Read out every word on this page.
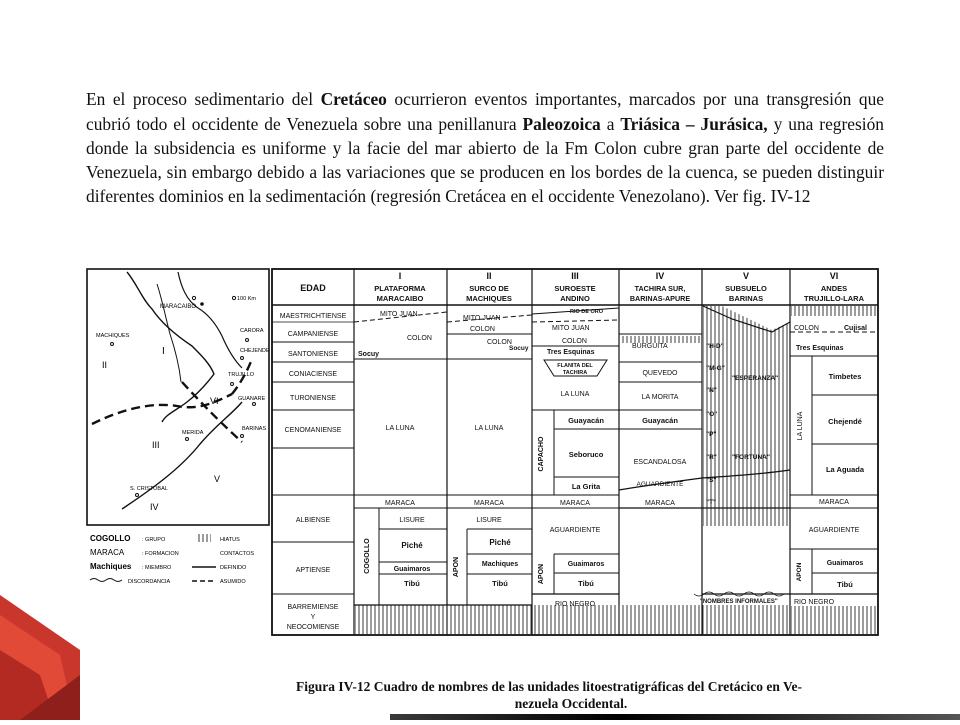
En el proceso sedimentario del Cretáceo ocurrieron eventos importantes, marcados por una transgresión que cubrió todo el occidente de Venezuela sobre una penillanura Paleozoica a Triásica – Jurásica, y una regresión donde la subsidencia es uniforme y la facie del mar abierto de la Fm Colon cubre gran parte del occidente de Venezuela, sin embargo debido a las variaciones que se producen en los bordes de la cuenca, se pueden distinguir diferentes dominios en la sedimentación (regresión Cretácea en el occidente Venezolano). Ver fig. IV-12

MARACAIBO
100 Km
MACHIQUES
CARORA
CHEJENDE
TRUJILLO
GUANARE
MERIDA
BARINAS
S. CRISTOBAL
I
II
III
IV
V
VI
COGOLLO : GRUPO
MARACA	: FORMACION
Machiques : MIEMBRO
DISCORDANCIA
HIATUS
CONTACTOS
DEFINIDO
ASUMIDO
EDAD
I
PLATAFORMA
MARACAIBO
II
SURCO DE
MACHIQUES
III
SUROESTE
ANDINO
IV
TACHIRA SUR,
BARINAS-APURE
V
SUBSUELO
BARINAS
VI
ANDES
TRUJILLO-LARA
MAESTRICHTIENSE
CAMPANIENSE
SANTONIENSE
CONIACIENSE
TURONIENSE
CENOMANIENSE
ALBIENSE
APTIENSE
BARREMIENSE
Y
NEOCOMIENSE
MITO JUAN
COLON
Socuy
LA LUNA
MARACA
LISURE
Piché
Guaimaros
Tibú
COGOLLO
MITO JUAN
COLON
COLON
Socuy
LA LUNA
MARACA
LISURE
Piché
Machiques
Tibú
APON
RIO DE ORO
MITO JUAN
COLON
Tres Esquinas
FLANITA DEL
TACHIRA
LA LUNA
Guayacán
Seboruco
La Grita
CAPACHO
MARACA
AGUARDIENTE
Guaimaros
Tibú
APON
RIO NEGRO
BURGUITA
QUEVEDO
LA MORITA
Guayacán
ESCANDALOSA
MARACA
AGUARDIENTE
"H-D"
"M-G"
"ESPERANZA"
"N"
"O"
"P"
"R" "FORTUNA"
"S"
"T"
"NOMBRES INFORMALES"
COLON	Cujisal
Tres Esquinas
Timbetes
Chejendé
La Aguada
LA LUNA
MARACA
AGUARDIENTE
Guaimaros
Tibú
APON
RIO NEGRO
Figura IV-12 Cuadro de nombres de las unidades litoestratigráficas del Cretácico en Ve-
nezuela Occidental.
